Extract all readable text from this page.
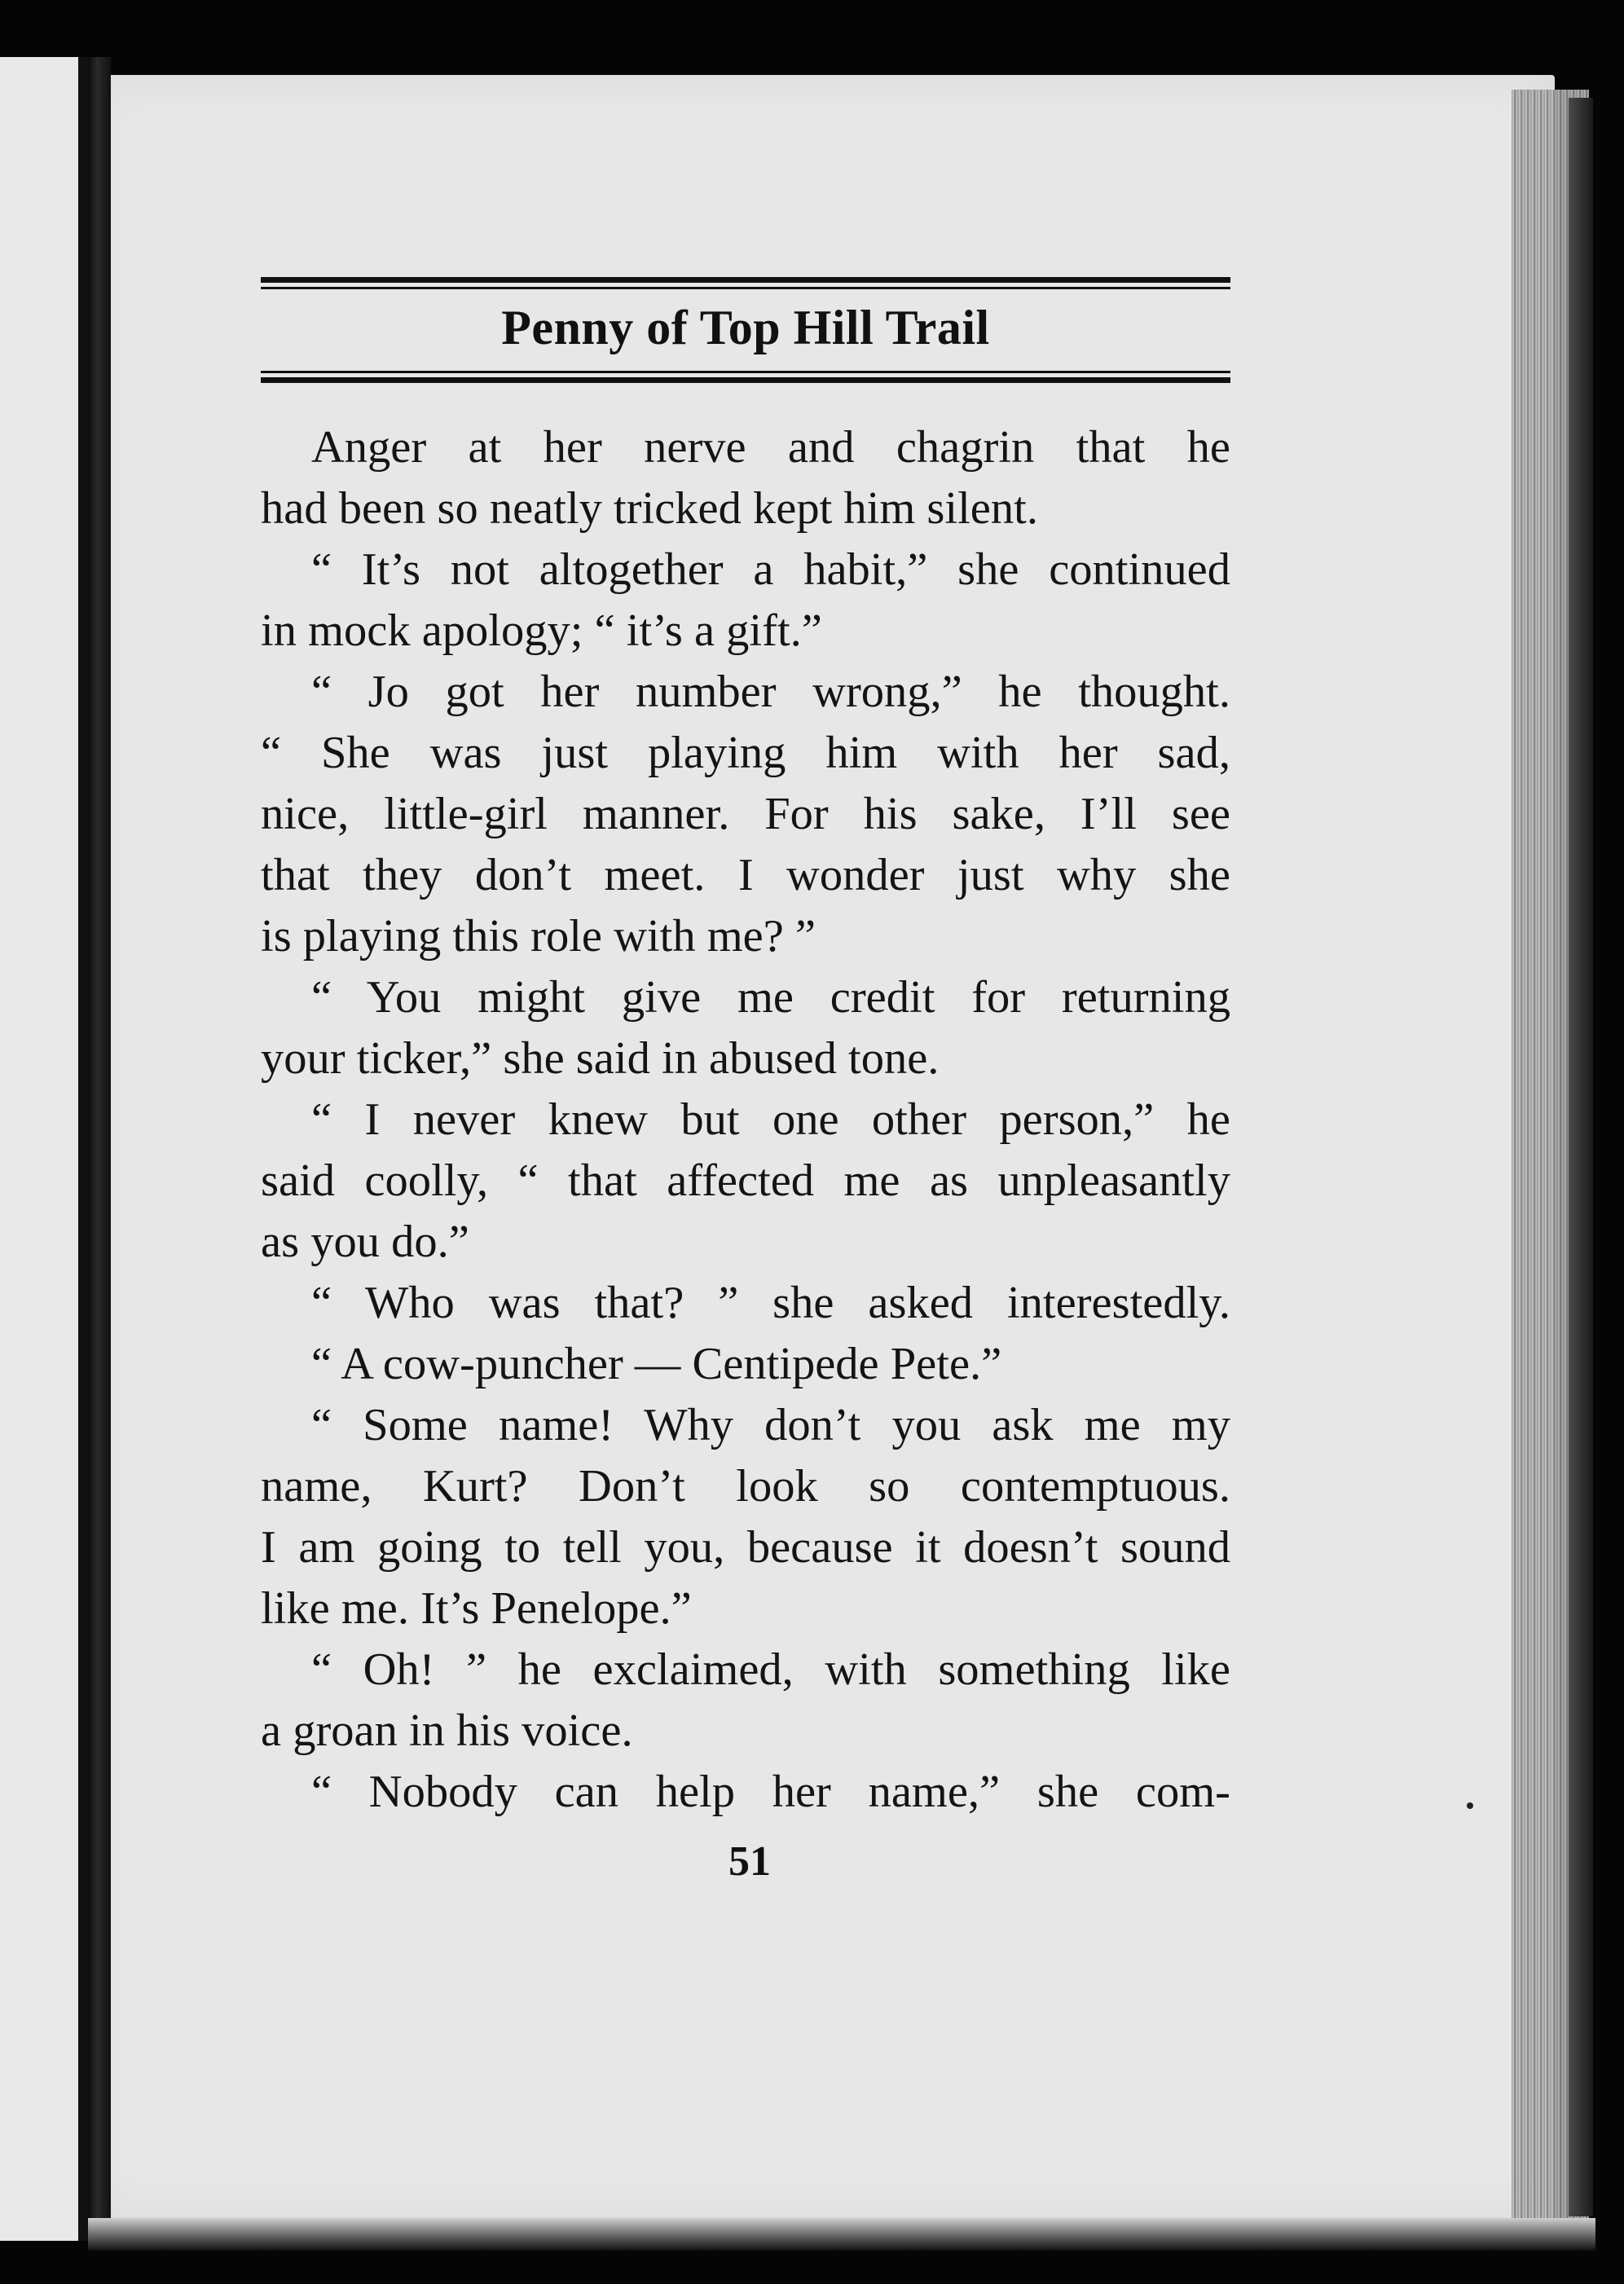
Penny of Top Hill Trail
Anger at her nerve and chagrin that he
had been so neatly tricked kept him silent.
“ It’s not altogether a habit,” she continued
in mock apology; “ it’s a gift.”
“ Jo got her number wrong,” he thought.
“ She was just playing him with her sad,
nice, little-girl manner. For his sake, I’ll see
that they don’t meet. I wonder just why she
is playing this role with me? ”
“ You might give me credit for returning
your ticker,” she said in abused tone.
“ I never knew but one other person,” he
said coolly, “ that affected me as unpleasantly
as you do.”
“ Who was that? ” she asked interestedly.
“ A cow-puncher — Centipede Pete.”
“ Some name! Why don’t you ask me my
name, Kurt? Don’t look so contemptuous.
I am going to tell you, because it doesn’t sound
like me. It’s Penelope.”
“ Oh! ” he exclaimed, with something like
a groan in his voice.
“ Nobody can help her name,” she com-
51
